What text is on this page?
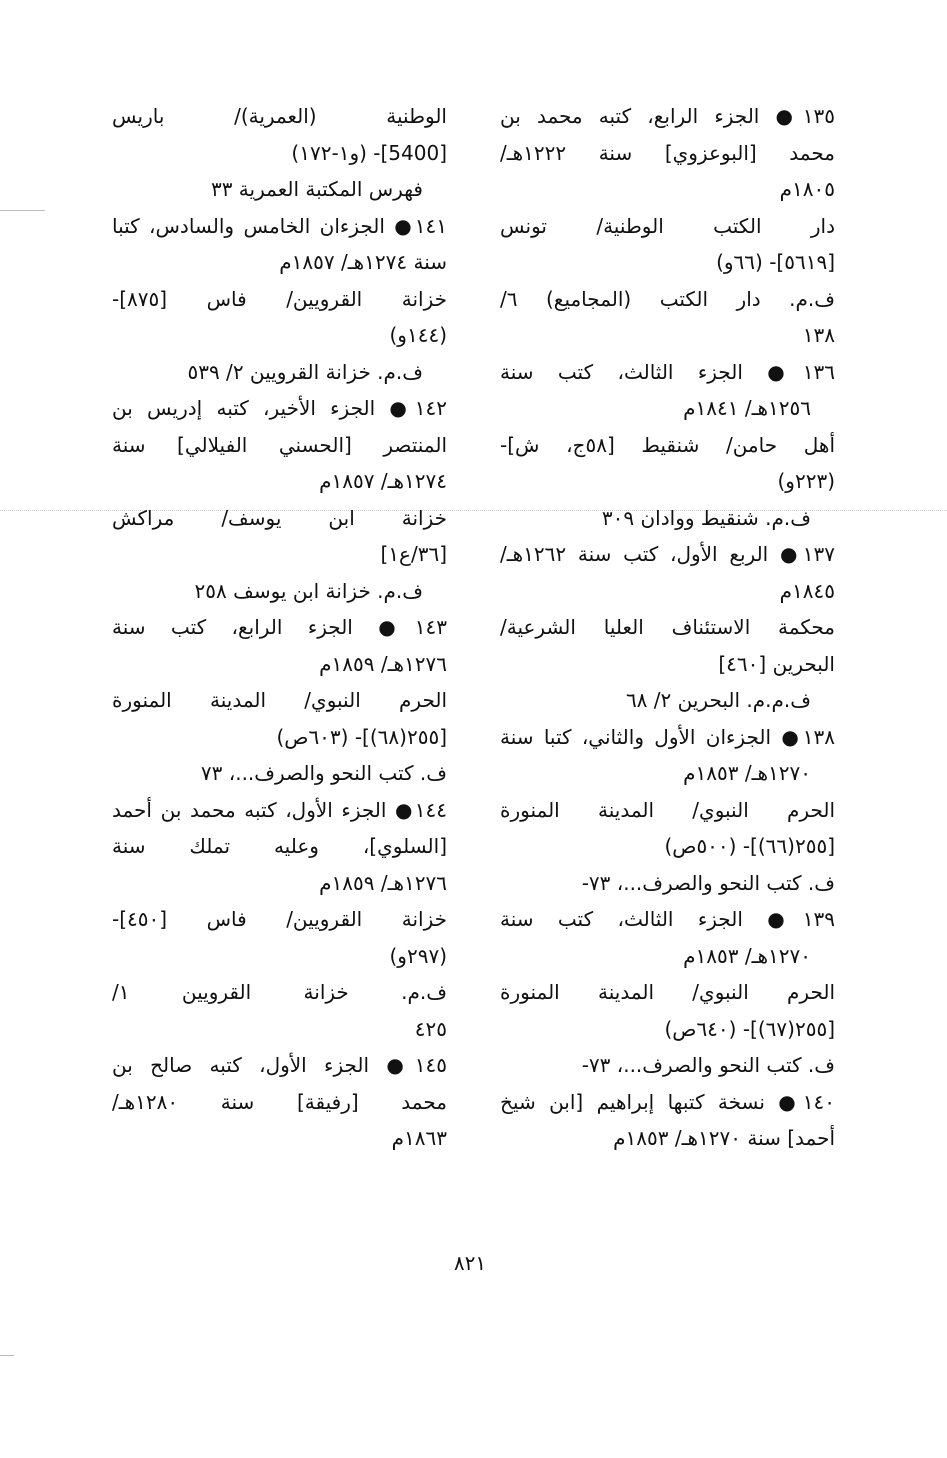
١٣٥● الجزء الرابع، كتبه محمد بن
محمد [البوعزوي] سنة ١٢٢٢هـ/
١٨٠٥م
دار الكتب الوطنية/ تونس
[٥٦١٩]- (٦٦و)
ف.م. دار الكتب (المجاميع) ٦/
١٣٨
١٣٦● الجزء الثالث، كتب سنة
١٢٥٦هـ/ ١٨٤١م
أهل حامن/ شنقيط [٥٨ج، ش]-
(٢٢٣و)
ف.م. شنقيط ووادان ٣٠٩
١٣٧● الربع الأول، كتب سنة ١٢٦٢هـ/
١٨٤٥م
محكمة الاستئناف العليا الشرعية/
البحرين [٤٦٠]
ف.م.م. البحرين ٢/ ٦٨
١٣٨● الجزءان الأول والثاني، كتبا سنة
١٢٧٠هـ/ ١٨٥٣م
الحرم النبوي/ المدينة المنورة
[٢٥٥(٦٦)]- (٥٠٠ص)
ف. كتب النحو والصرف...، ٧٣-
١٣٩● الجزء الثالث، كتب سنة
١٢٧٠هـ/ ١٨٥٣م
الحرم النبوي/ المدينة المنورة
[٢٥٥(٦٧)]- (٦٤٠ص)
ف. كتب النحو والصرف...، ٧٣-
١٤٠● نسخة كتبها إبراهيم [ابن شيخ
أحمد] سنة ١٢٧٠هـ/ ١٨٥٣م
الوطنية (العمرية)/ باريس
[5400]- (و١-١٧٢)
فهرس المكتبة العمرية ٣٣
١٤١● الجزءان الخامس والسادس، كتبا
سنة ١٢٧٤هـ/ ١٨٥٧م
خزانة القرويين/ فاس [٨٧٥]-
(١٤٤و)
ف.م. خزانة القرويين ٢/ ٥٣٩
١٤٢● الجزء الأخير، كتبه إدريس بن
المنتصر [الحسني الفيلالي] سنة
١٢٧٤هـ/ ١٨٥٧م
خزانة ابن يوسف/ مراكش
[٣٦/ع١]
ف.م. خزانة ابن يوسف ٢٥٨
١٤٣● الجزء الرابع، كتب سنة
١٢٧٦هـ/ ١٨٥٩م
الحرم النبوي/ المدينة المنورة
[٢٥٥(٦٨)]- (٦٠٣ص)
ف. كتب النحو والصرف...، ٧٣
١٤٤● الجزء الأول، كتبه محمد بن أحمد
[السلوي]، وعليه تملك سنة
١٢٧٦هـ/ ١٨٥٩م
خزانة القرويين/ فاس [٤٥٠]-
(٢٩٧و)
ف.م. خزانة القرويين ١/
٤٢٥
١٤٥● الجزء الأول، كتبه صالح بن
محمد [رفيقة] سنة ١٢٨٠هـ/
١٨٦٣م
٨٢١
